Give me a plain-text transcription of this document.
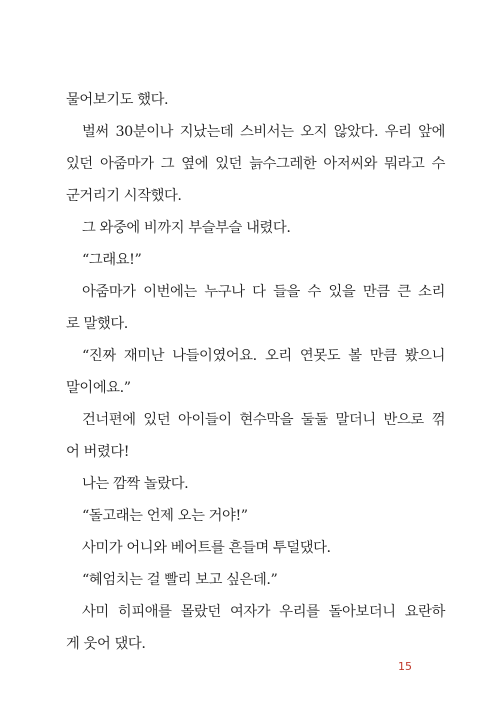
물어보기도 했다.
벌써 30분이나 지났는데 스비서는 오지 않았다. 우리 앞에
있던 아줌마가 그 옆에 있던 늙수그레한 아저씨와 뭐라고 수
군거리기 시작했다.
그 와중에 비까지 부슬부슬 내렸다.
“그래요!”
아줌마가 이번에는 누구나 다 들을 수 있을 만큼 큰 소리
로 말했다.
“진짜 재미난 나들이였어요. 오리 연못도 볼 만큼 봤으니
말이에요.”
건너편에 있던 아이들이 현수막을 둘둘 말더니 반으로 꺾
어 버렸다!
나는 깜짝 놀랐다.
“돌고래는 언제 오는 거야!”
사미가 어니와 베어트를 흔들며 투덜댔다.
“혜엄치는 걸 빨리 보고 싶은데.”
사미 히피애를 몰랐던 여자가 우리를 돌아보더니 요란하
게 웃어 댔다.
15
